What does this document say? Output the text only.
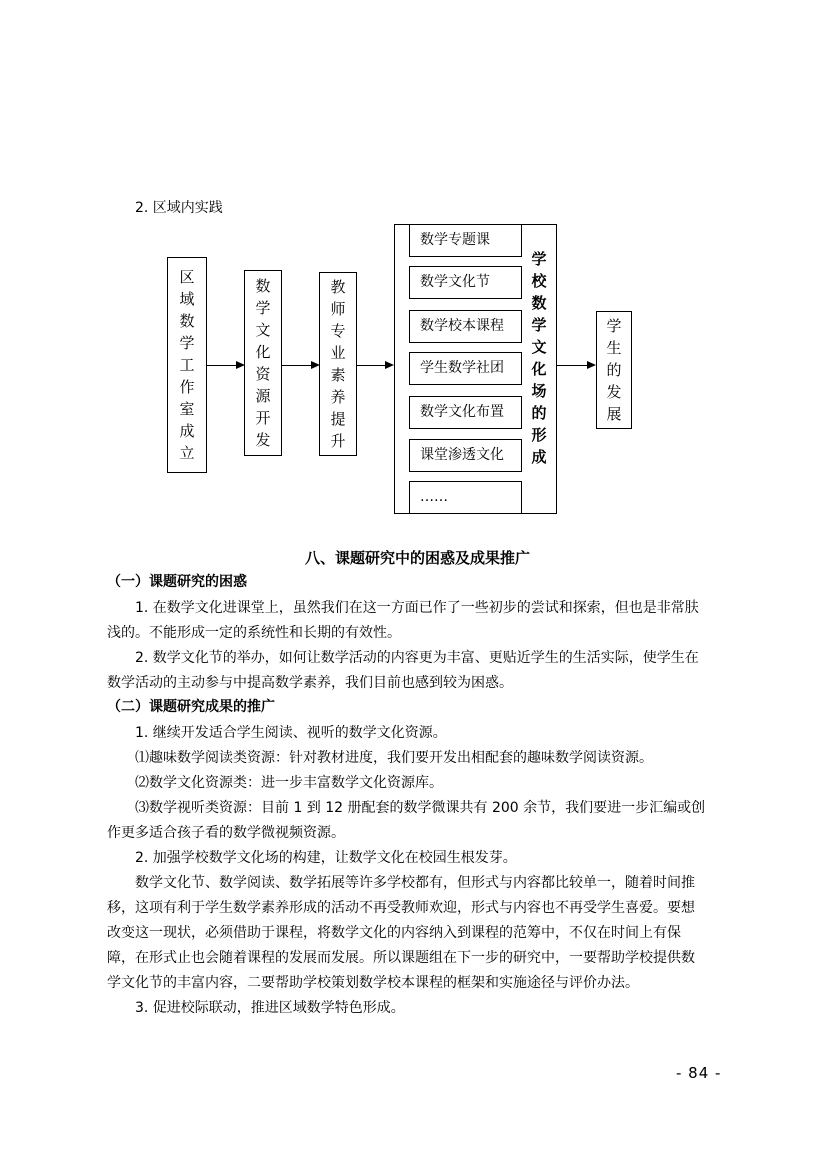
2. 区域内实践
区
域
数
学
工
作
室
成
立
数
学
文
化
资
源
开
发
教
师
专
业
素
养
提
升
数学专题课
数学文化节
数学校本课程
学生数学社团
数学文化布置
课堂渗透文化
……
学
校
数
学
文
化
场
的
形
成
学
生
的
发
展
八、课题研究中的困惑及成果推广
（一）课题研究的困惑
1. 在数学文化进课堂上，虽然我们在这一方面已作了一些初步的尝试和探索，但也是非常肤
浅的。不能形成一定的系统性和长期的有效性。
2. 数学文化节的举办，如何让数学活动的内容更为丰富、更贴近学生的生活实际，使学生在
数学活动的主动参与中提高数学素养，我们目前也感到较为困惑。
（二）课题研究成果的推广
1. 继续开发适合学生阅读、视听的数学文化资源。
⑴趣味数学阅读类资源：针对教材进度，我们要开发出相配套的趣味数学阅读资源。
⑵数学文化资源类：进一步丰富数学文化资源库。
⑶数学视听类资源：目前 1 到 12 册配套的数学微课共有 200 余节，我们要进一步汇编或创
作更多适合孩子看的数学微视频资源。
2. 加强学校数学文化场的构建，让数学文化在校园生根发芽。
数学文化节、数学阅读、数学拓展等许多学校都有，但形式与内容都比较单一，随着时间推
移，这项有利于学生数学素养形成的活动不再受教师欢迎，形式与内容也不再受学生喜爱。要想
改变这一现状，必须借助于课程，将数学文化的内容纳入到课程的范筹中，不仅在时间上有保
障，在形式止也会随着课程的发展而发展。所以课题组在下一步的研究中，一要帮助学校提供数
学文化节的丰富内容，二要帮助学校策划数学校本课程的框架和实施途径与评价办法。
3. 促进校际联动，推进区域数学特色形成。
- 84 -
